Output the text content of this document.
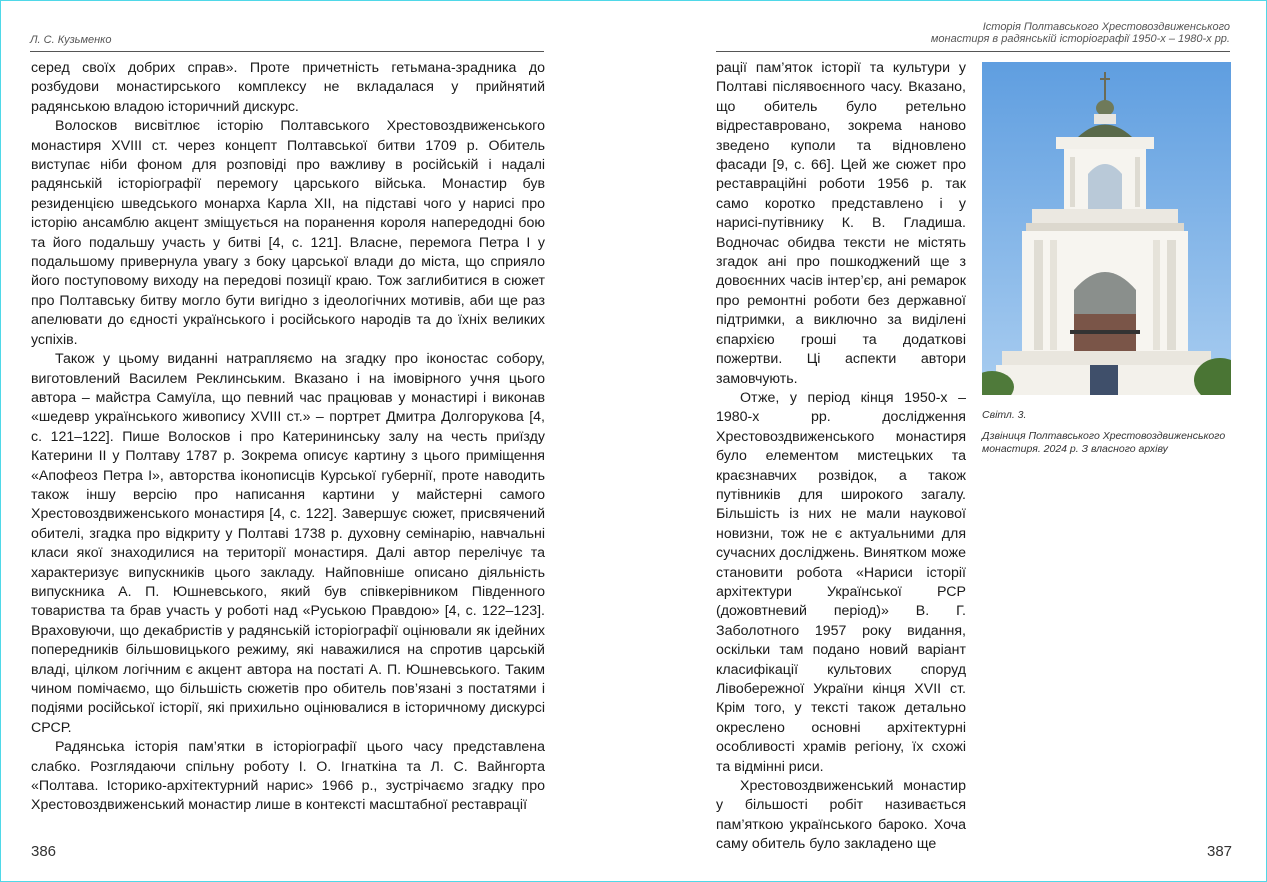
Л. С. Кузьменко

серед своїх добрих справ». Проте причетність гетьмана-зрадника до розбудови монастирського комплексу не вкладалася у прийнятий радянською владою історичний дискурс.

Волосков висвітлює історію Полтавського Хрестовоздвиженського монастиря XVIII ст. через концепт Полтавської битви 1709 р. Обитель виступає ніби фоном для розповіді про важливу в російській і надалі радянській історіографії перемогу царського війська. Монастир був резиденцією шведського монарха Карла XII, на підставі чого у нарисі про історію ансамблю акцент зміщується на поранення короля напередодні бою та його подальшу участь у битві [4, с. 121]. Власне, перемога Петра I у подальшому привернула увагу з боку царської влади до міста, що сприяло його поступовому виходу на передові позиції краю. Тож заглибитися в сюжет про Полтавську битву могло бути вигідно з ідеологічних мотивів, аби ще раз апелювати до єдності українського і російського народів та до їхніх великих успіхів.

Також у цьому виданні натрапляємо на згадку про іконостас собору, виготовлений Василем Реклинським. Вказано і на імовірного учня цього автора – майстра Самуїла, що певний час працював у монастирі і виконав «шедевр українського живопису XVIII ст.» – портрет Дмитра Долгорукова [4, с. 121–122]. Пише Волосков і про Катерининську залу на честь приїзду Катерини II у Полтаву 1787 р. Зокрема описує картину з цього приміщення «Апофеоз Петра I», авторства іконописців Курської губернії, проте наводить також іншу версію про написання картини у майстерні самого Хрестовоздвиженського монастиря [4, с. 122]. Завершує сюжет, присвячений обителі, згадка про відкриту у Полтаві 1738 р. духовну семінарію, навчальні класи якої знаходилися на території монастиря. Далі автор перелічує та характеризує випускників цього закладу. Найповніше описано діяльність випускника А. П. Юшневського, який був співкерівником Південного товариства та брав участь у роботі над «Руською Правдою» [4, с. 122–123]. Враховуючи, що декабристів у радянській історіографії оцінювали як ідейних попередників більшовицького режиму, які наважилися на спротив царській владі, цілком логічним є акцент автора на постаті А. П. Юшневського. Таким чином помічаємо, що більшість сюжетів про обитель пов’язані з постатями і подіями російської історії, які прихильно оцінювалися в історичному дискурсі СРСР.

Радянська історія пам’ятки в історіографії цього часу представлена слабко. Розглядаючи спільну роботу І. О. Ігнаткіна та Л. С. Вайнгорта «Полтава. Історико-архітектурний нарис» 1966 р., зустрічаємо згадку про Хрестовоздвиженський монастир лише в контексті масштабної реставрації

386
Історія Полтавського Хрестовоздвиженського
монастиря в радянській історіографії 1950-х – 1980-х рр.

рації пам’яток історії та культури у Полтаві післявоєнного часу. Вказано, що обитель було ретельно відреставровано, зокрема наново зведено куполи та відновлено фасади [9, с. 66]. Цей же сюжет про реставраційні роботи 1956 р. так само коротко представлено і у нарисі-путівнику К. В. Гладиша. Водночас обидва тексти не містять згадок ані про пошкоджений ще з довоєнних часів інтер’єр, ані ремарок про ремонтні роботи без державної підтримки, а виключно за виділені єпархією гроші та додаткові пожертви. Ці аспекти автори замовчують.

Отже, у період кінця 1950-х – 1980-х рр. дослідження Хрестовоздвиженського монастиря було елементом мистецьких та краєзнавчих розвідок, а також путівників для широкого загалу. Більшість із них не мали наукової новизни, тож не є актуальними для сучасних досліджень. Винятком може становити робота «Нариси історії архітектури Української РСР (дожовтневий період)» В. Г. Заболотного 1957 року видання, оскільки там подано новий варіант класифікації культових споруд Лівобережної України кінця XVII ст. Крім того, у тексті також детально окреслено основні архітектурні особливості храмів регіону, їх схожі та відмінні риси.

Хрестовоздвиженський монастир у більшості робіт називається пам’яткою українського бароко. Хоча саму обитель було закладено ще

Світл. 3.
Дзвіниця Полтавського Хрестовоздвиженського монастиря. 2024 р. З власного архіву
387
